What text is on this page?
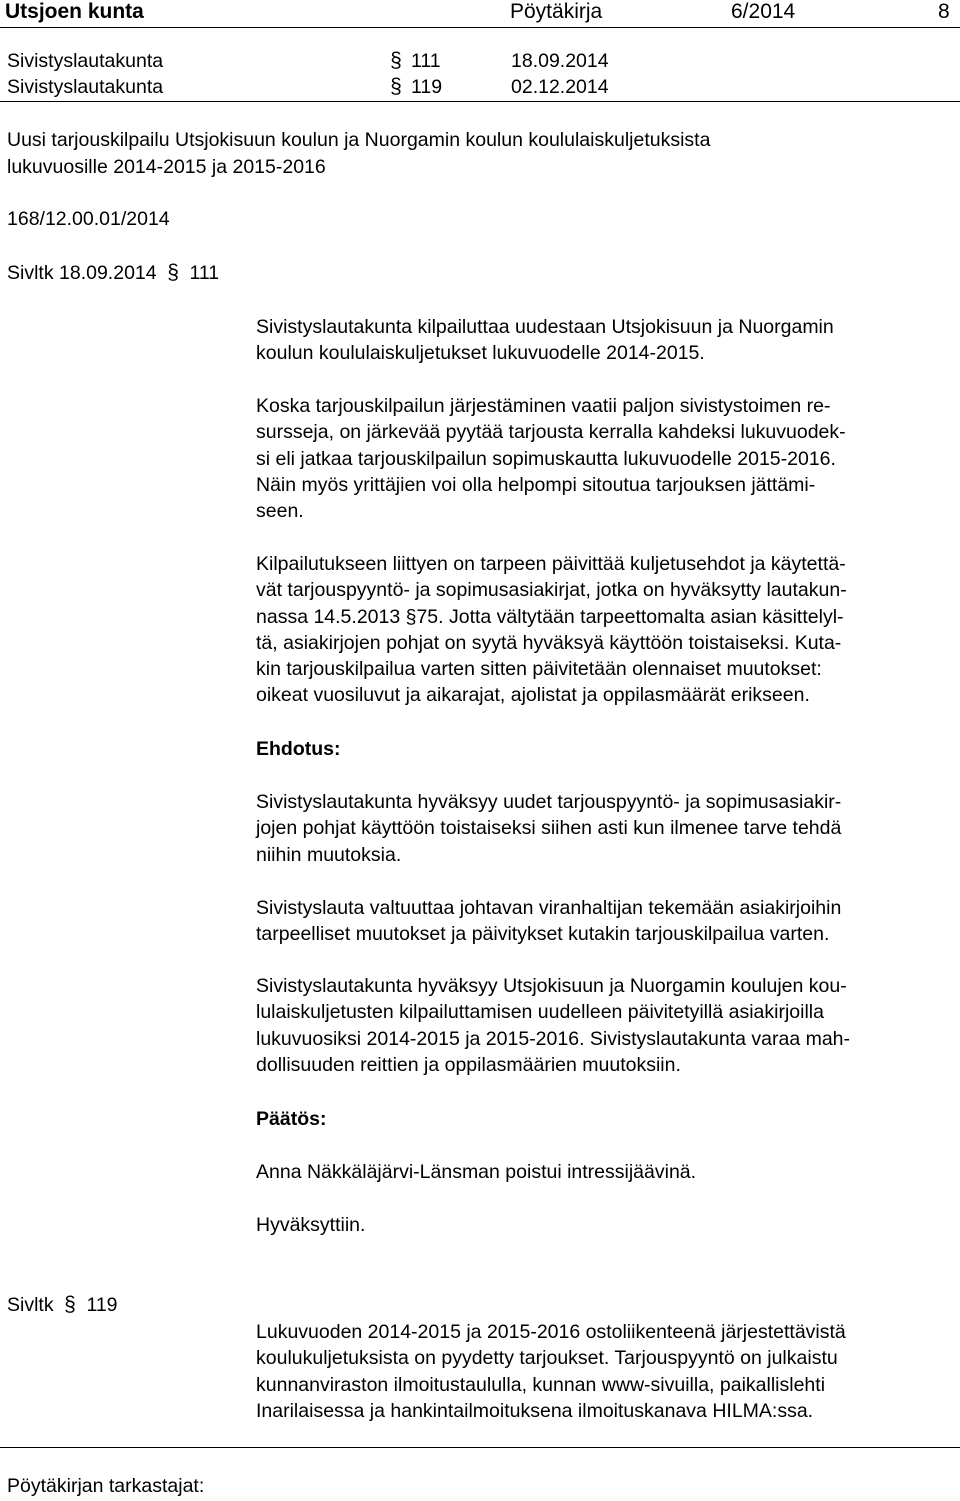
Utsjoen kunta	Pöytäkirja	6/2014	8
Sivistyslautakunta	§ 111	18.09.2014
Sivistyslautakunta	§ 119	02.12.2014
Uusi tarjouskilpailu Utsjokisuun koulun ja Nuorgamin koulun koululaiskuljetuksista
lukuvuosille 2014-2015 ja 2015-2016
168/12.00.01/2014
Sivltk 18.09.2014 § 111
Sivistyslautakunta kilpailuttaa uudestaan Utsjokisuun ja Nuorgamin
koulun koululaiskuljetukset lukuvuodelle 2014-2015.
Koska tarjouskilpailun järjestäminen vaatii paljon sivistystoimen re-
sursseja, on järkevää pyytää tarjousta kerralla kahdeksi lukuvuodek-
si eli jatkaa tarjouskilpailun sopimuskautta lukuvuodelle 2015-2016.
Näin myös yrittäjien voi olla helpompi sitoutua tarjouksen jättämi-
seen.
Kilpailutukseen liittyen on tarpeen päivittää kuljetusehdot ja käytettä-
vät tarjouspyyntö- ja sopimusasiakirjat, jotka on hyväksytty lautakun-
nassa 14.5.2013 §75. Jotta vältytään tarpeettomalta asian käsittelyl-
tä, asiakirjojen pohjat on syytä hyväksyä käyttöön toistaiseksi. Kuta-
kin tarjouskilpailua varten sitten päivitetään olennaiset muutokset:
oikeat vuosiluvut ja aikarajat, ajolistat ja oppilasmäärät erikseen.
Ehdotus:
Sivistyslautakunta hyväksyy uudet tarjouspyyntö- ja sopimusasiakir-
jojen pohjat käyttöön toistaiseksi siihen asti kun ilmenee tarve tehdä
niihin muutoksia.
Sivistyslauta valtuuttaa johtavan viranhaltijan tekemään asiakirjoihin
tarpeelliset muutokset ja päivitykset kutakin tarjouskilpailua varten.
Sivistyslautakunta hyväksyy Utsjokisuun ja Nuorgamin koulujen kou-
lulaiskuljetusten kilpailuttamisen uudelleen päivitetyillä asiakirjoilla
lukuvuosiksi 2014-2015 ja 2015-2016. Sivistyslautakunta varaa mah-
dollisuuden reittien ja oppilasmäärien muutoksiin.
Päätös:
Anna Näkkäläjärvi-Länsman poistui intressijäävinä.
Hyväksyttiin.
Sivltk § 119
Lukuvuoden 2014-2015 ja 2015-2016 ostoliikenteenä järjestettävistä
koulukuljetuksista on pyydetty tarjoukset. Tarjouspyyntö on julkaistu
kunnanviraston ilmoitustaululla, kunnan www-sivuilla, paikallislehti
Inarilaisessa ja hankintailmoituksena ilmoituskanava HILMA:ssa.
Pöytäkirjan tarkastajat:
